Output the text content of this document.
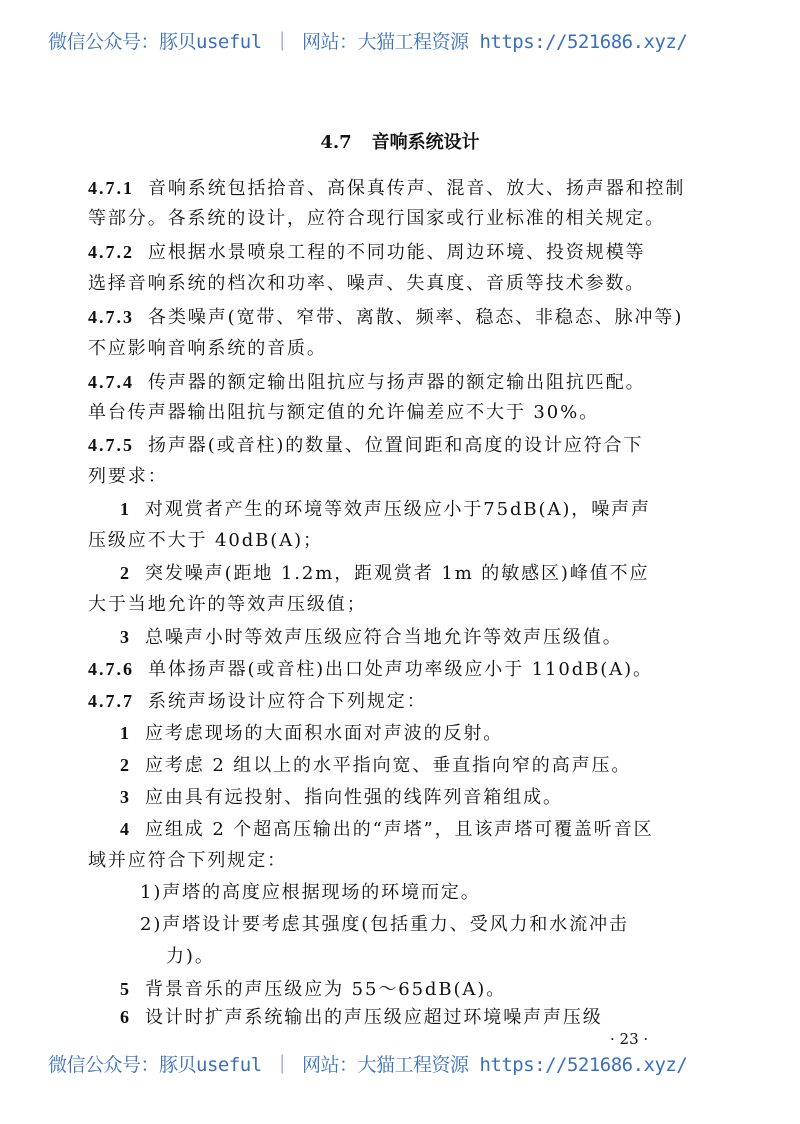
微信公众号：豚贝useful ｜ 网站：大猫工程资源 https://521686.xyz/
4.7 音响系统设计
4.7.1 音响系统包括拾音、高保真传声、混音、放大、扬声器和控制
等部分。各系统的设计，应符合现行国家或行业标准的相关规定。
4.7.2 应根据水景喷泉工程的不同功能、周边环境、投资规模等
选择音响系统的档次和功率、噪声、失真度、音质等技术参数。
4.7.3 各类噪声(宽带、窄带、离散、频率、稳态、非稳态、脉冲等)
不应影响音响系统的音质。
4.7.4 传声器的额定输出阻抗应与扬声器的额定输出阻抗匹配。
单台传声器输出阻抗与额定值的允许偏差应不大于 30%。
4.7.5 扬声器(或音柱)的数量、位置间距和高度的设计应符合下
列要求：
1 对观赏者产生的环境等效声压级应小于75dB(A)，噪声声
压级应不大于 40dB(A)；
2 突发噪声(距地 1.2m，距观赏者 1m 的敏感区)峰值不应
大于当地允许的等效声压级值；
3 总噪声小时等效声压级应符合当地允许等效声压级值。
4.7.6 单体扬声器(或音柱)出口处声功率级应小于 110dB(A)。
4.7.7 系统声场设计应符合下列规定：
1 应考虑现场的大面积水面对声波的反射。
2 应考虑 2 组以上的水平指向宽、垂直指向窄的高声压。
3 应由具有远投射、指向性强的线阵列音箱组成。
4 应组成 2 个超高压输出的“声塔”，且该声塔可覆盖听音区
域并应符合下列规定：
1)声塔的高度应根据现场的环境而定。
2)声塔设计要考虑其强度(包括重力、受风力和水流冲击
力)。
5 背景音乐的声压级应为 55～65dB(A)。
6 设计时扩声系统输出的声压级应超过环境噪声声压级
· 23 ·
微信公众号：豚贝useful ｜ 网站：大猫工程资源 https://521686.xyz/
